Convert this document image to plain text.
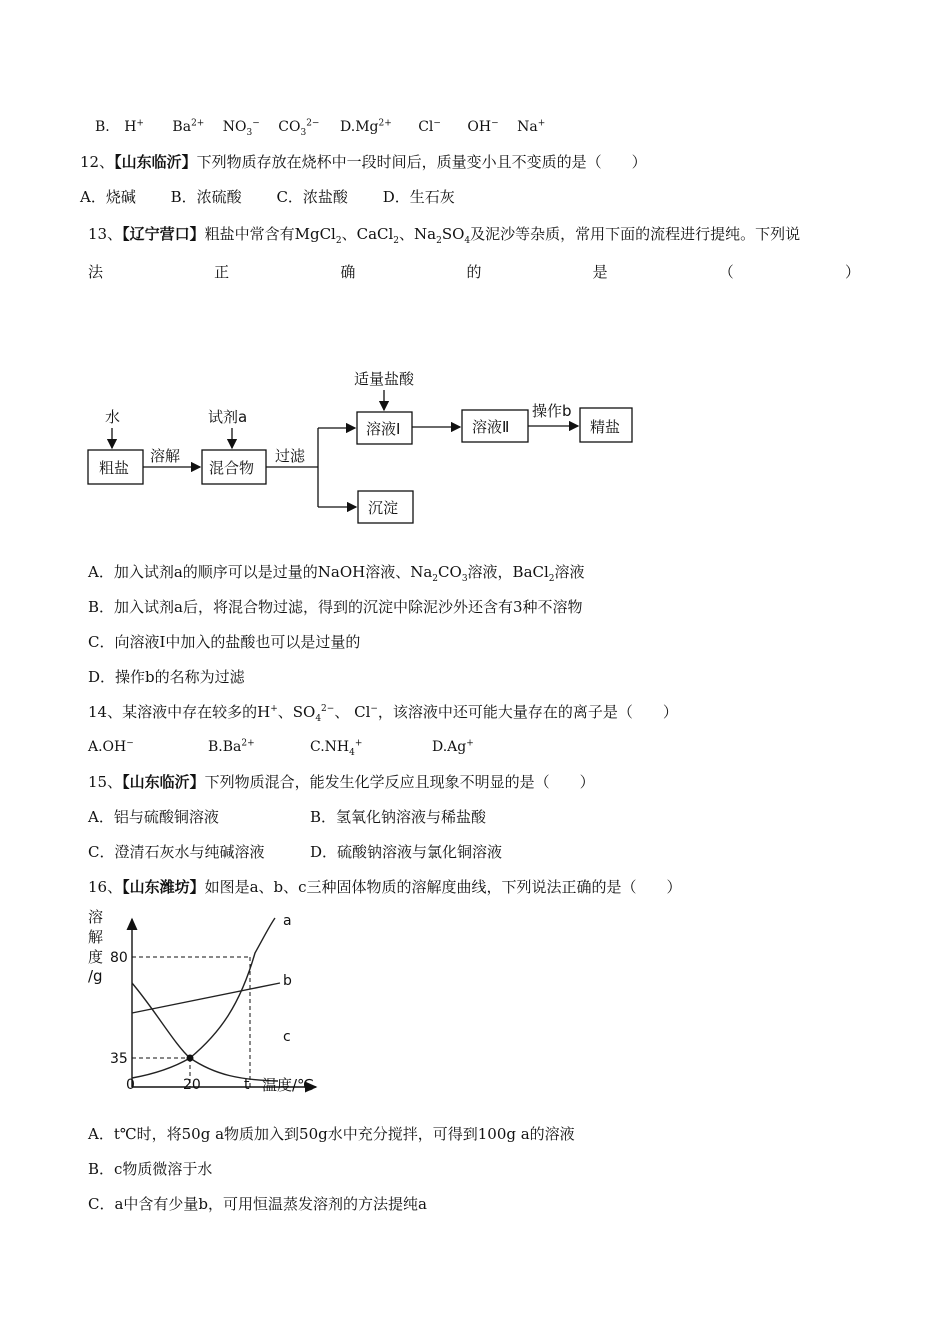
B. H+ $Ba^{2+}$ $NO_3^-$ $CO_3^{2-}$ $D.Mg^{2+}$ Cl− OH− Na+
12、【山东临沂】下列物质存放在烧杯中一段时间后，质量变小且不变质的是（　　）
A．烧碱 B．浓硫酸 C．浓盐酸 D．生石灰
13、【辽宁营口】粗盐中常含有MgCl$_2$、CaCl$_2$、$Na_2SO_4$及泥沙等杂质，常用下面的流程进行提纯。下列说
法	正	确	的	是	（	）
水	试剂a
适量盐酸
粗盐
溶解
混合物
过滤
溶液Ⅰ	溶液Ⅱ
操作b
精盐
沉淀
A．加入试剂a的顺序可以是过量的NaOH溶液、$Na_2CO_3$溶液，BaCl$_2$溶液
B．加入试剂a后，将混合物过滤，得到的沉淀中除泥沙外还含有3种不溶物
C．向溶液Ⅰ中加入的盐酸也可以是过量的
D．操作b的名称为过滤
14、某溶液中存在较多的H+、$SO_4^{2-}$、 Cl−，该溶液中还可能大量存在的离子是（　　）
A.OH−	$B.Ba^{2+}$	$C.NH_4^+$	D.Ag+
15、【山东临沂】下列物质混合，能发生化学反应且现象不明显的是（　　）
A．铝与硫酸铜溶液	B．氢氧化钠溶液与稀盐酸
C．澄清石灰水与纯碱溶液	D．硫酸钠溶液与氯化铜溶液
16、【山东潍坊】如图是a、b、c三种固体物质的溶解度曲线，下列说法正确的是（　　）
溶
解
度
/g
a
b
c
80
35
0	20	t 温度/℃
A．t℃时，将50g a物质加入到50g水中充分搅拌，可得到100g a的溶液
B．c物质微溶于水
C．a中含有少量b，可用恒温蒸发溶剂的方法提纯a
